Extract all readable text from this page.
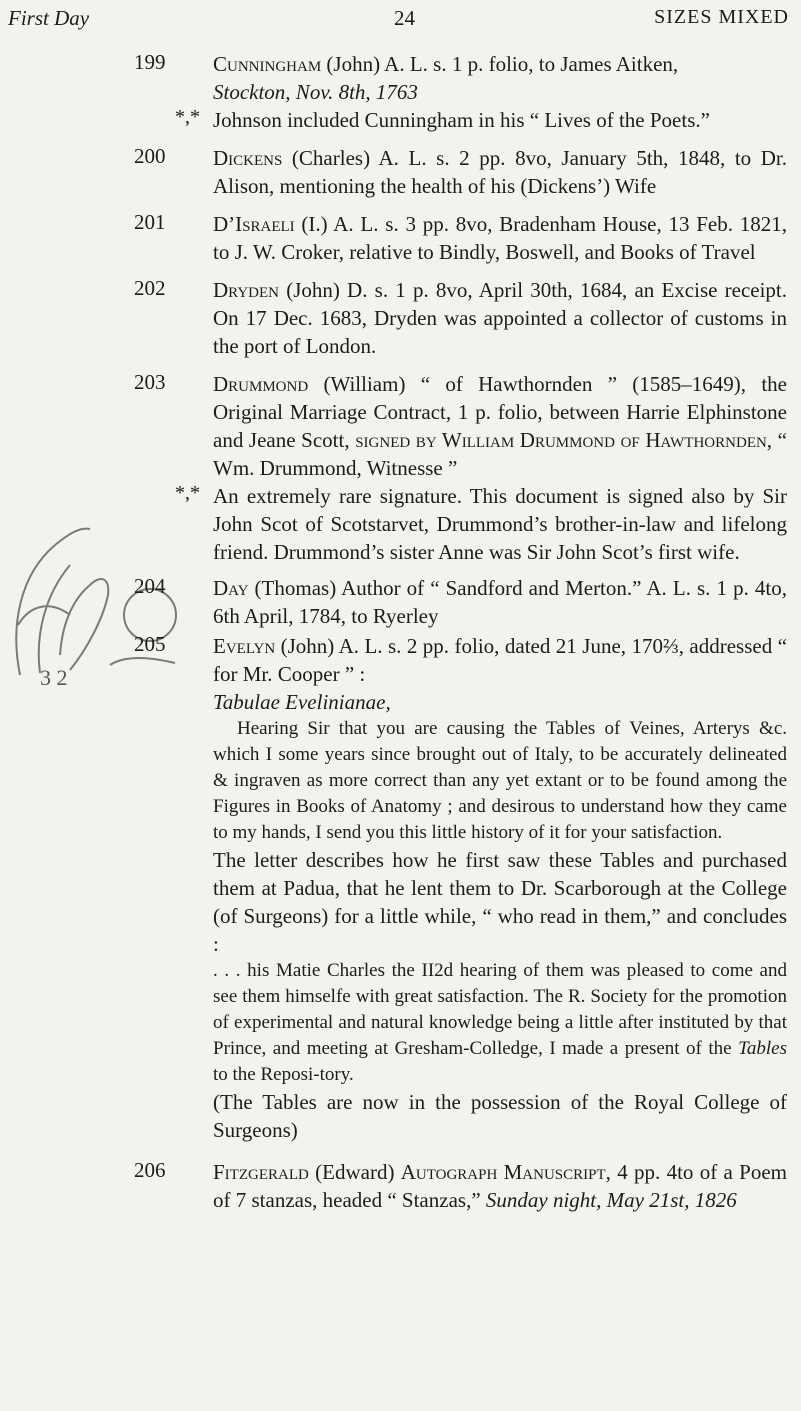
First Day	24	SIZES MIXED
3 2
199 Cunningham (John) A. L. s. 1 p. folio, to James Aitken,
Stockton, Nov. 8th, 1763

*,* Johnson included Cunningham in his “ Lives of the Poets.”

200 Dickens (Charles) A. L. s. 2 pp. 8vo, January 5th, 1848, to Dr. Alison, mentioning the health of his (Dickens’) Wife

201 D’Israeli (I.) A. L. s. 3 pp. 8vo, Bradenham House, 13 Feb. 1821, to J. W. Croker, relative to Bindly, Boswell, and Books of Travel

202 Dryden (John) D. s. 1 p. 8vo, April 30th, 1684, an Excise receipt. On 17 Dec. 1683, Dryden was appointed a collector of customs in the port of London.

203 Drummond (William) “ of Hawthornden ” (1585–1649), the Original Marriage Contract, 1 p. folio, between Harrie Elphinstone and Jeane Scott, signed by William Drummond of Hawthornden, “ Wm. Drummond, Witnesse ”

*,* An extremely rare signature. This document is signed also by Sir John Scot of Scotstarvet, Drummond’s brother-in-law and lifelong friend. Drummond’s sister Anne was Sir John Scot’s first wife.

204 Day (Thomas) Author of “ Sandford and Merton.” A. L. s. 1 p. 4to, 6th April, 1784, to Ryerley

205 Evelyn (John) A. L. s. 2 pp. folio, dated 21 June, 170⅔, addressed “ for Mr. Cooper ” :

Tabulae Evelinianae,

Hearing Sir that you are causing the Tables of Veines, Arterys &c. which I some years since brought out of Italy, to be accurately delineated & ingraven as more correct than any yet extant or to be found among the Figures in Books of Anatomy ; and desirous to understand how they came to my hands, I send you this little history of it for your satisfaction.

The letter describes how he first saw these Tables and purchased them at Padua, that he lent them to Dr. Scarborough at the College (of Surgeons) for a little while, “ who read in them,” and concludes :

. . . his Matie Charles the II2d hearing of them was pleased to come and see them himselfe with great satisfaction. The R. Society for the promotion of experimental and natural knowledge being a little after instituted by that Prince, and meeting at Gresham-Colledge, I made a present of the Tables to the Reposi-tory.

(The Tables are now in the possession of the Royal College of Surgeons)

206 Fitzgerald (Edward) Autograph Manuscript, 4 pp. 4to of a Poem of 7 stanzas, headed “ Stanzas,” Sunday night, May 21st, 1826
